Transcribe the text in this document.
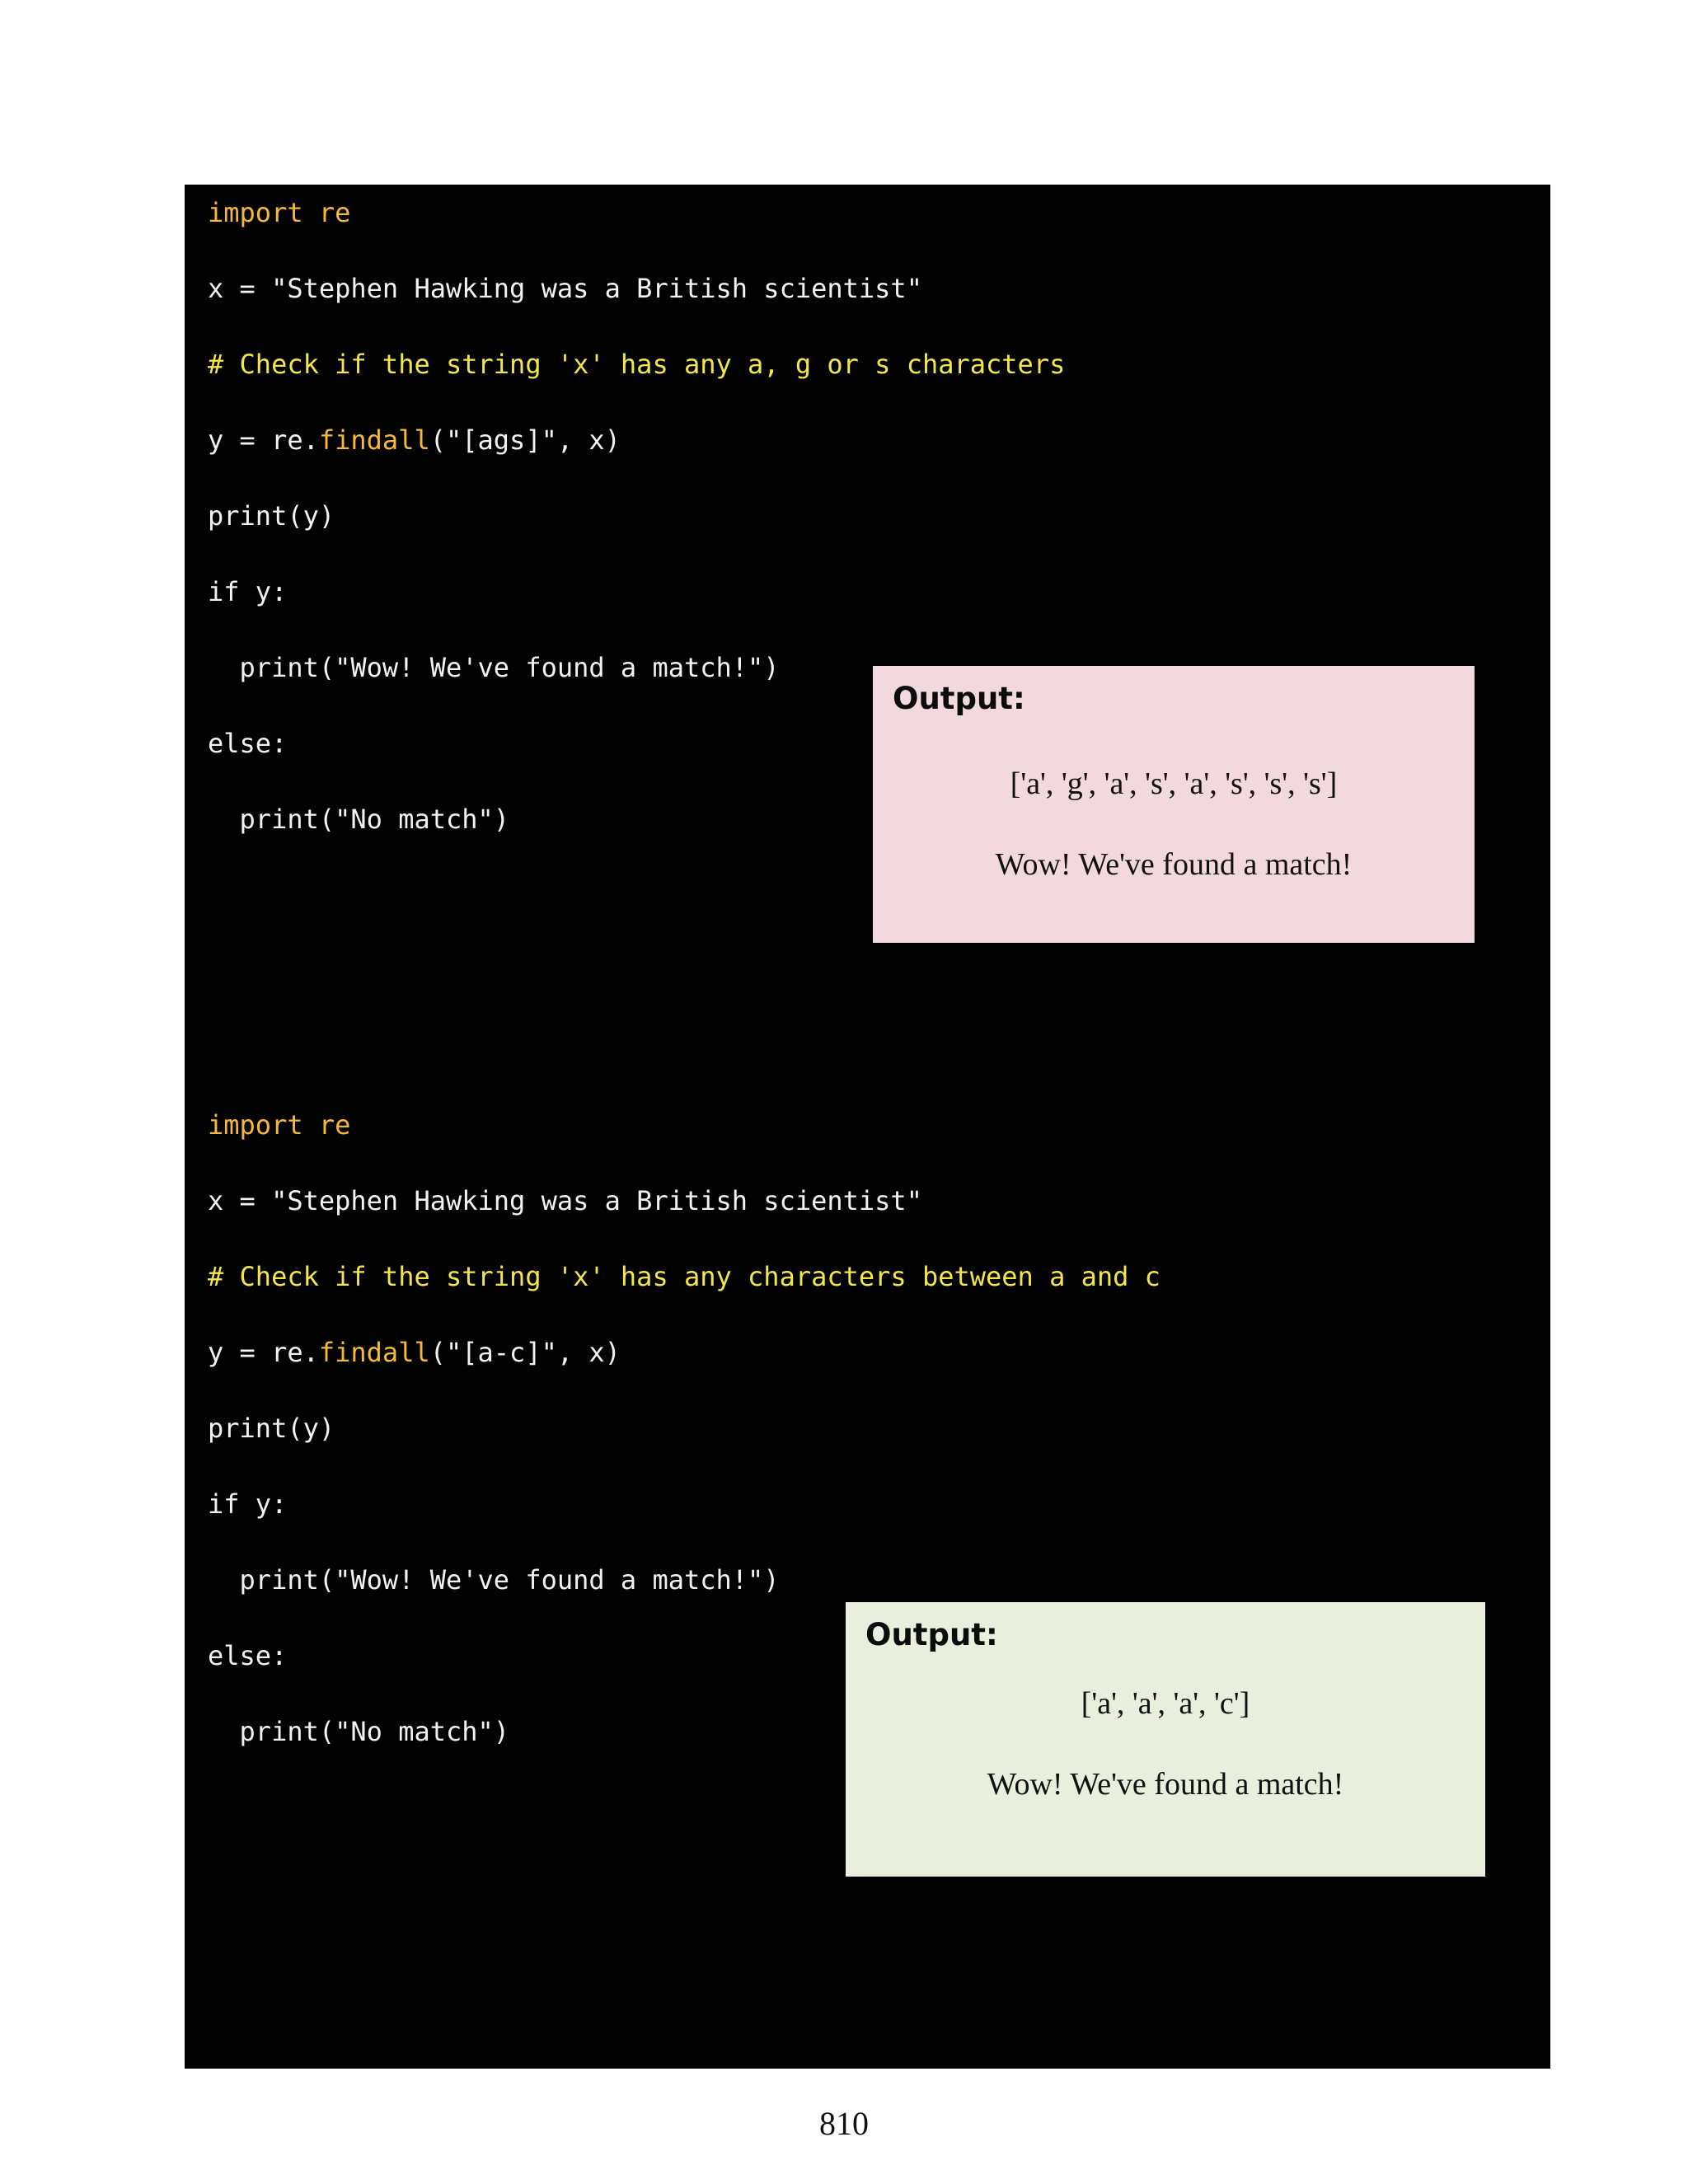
import re
x = "Stephen Hawking was a British scientist"
# Check if the string 'x' has any a, g or s characters
y = re.findall("[ags]", x)
print(y)
if y:
print("Wow! We've found a match!")
else:
print("No match")
import re
x = "Stephen Hawking was a British scientist"
# Check if the string 'x' has any characters between a and c
y = re.findall("[a-c]", x)
print(y)
if y:
print("Wow! We've found a match!")
else:
print("No match")
Output:
['a', 'g', 'a', 's', 'a', 's', 's', 's']
Wow! We've found a match!
Output:
['a', 'a', 'a', 'c']
Wow! We've found a match!
810
